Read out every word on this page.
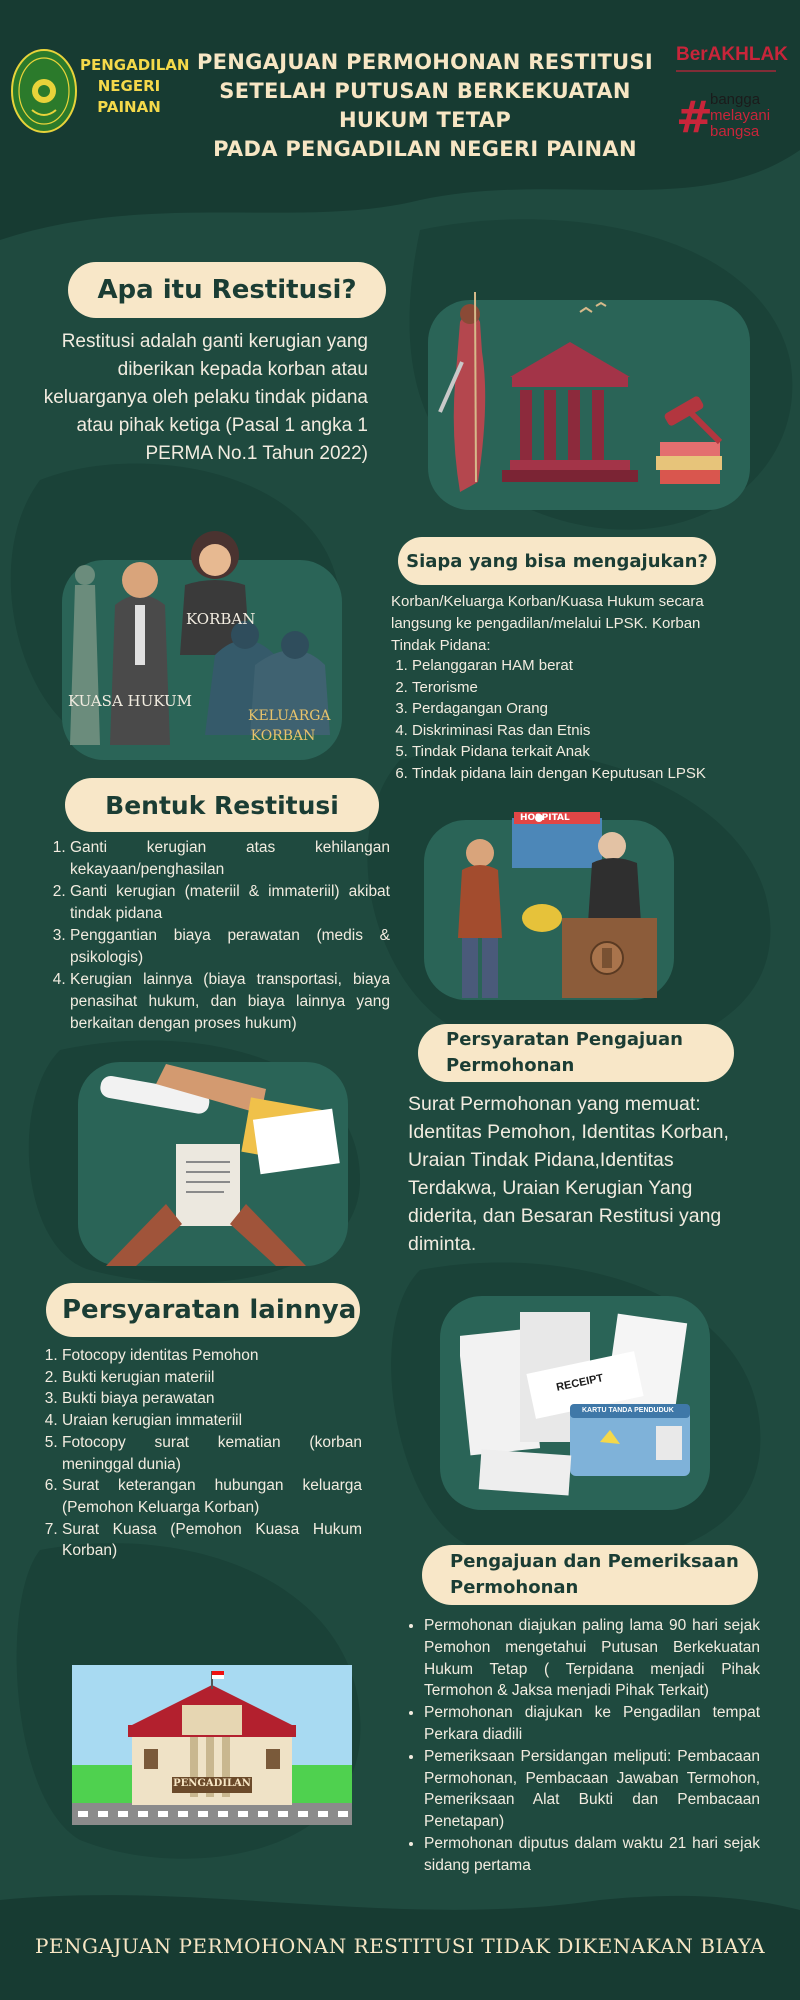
PENGADILAN NEGERI PAINAN
PENGAJUAN PERMOHONAN RESTITUSI
SETELAH PUTUSAN BERKEKUATAN
HUKUM TETAP
PADA PENGADILAN NEGERI PAINAN
BerAKHLAK
#
bangga
melayani
bangsa
Apa itu Restitusi?
Restitusi adalah ganti kerugian yang diberikan kepada korban atau keluarganya oleh pelaku tindak pidana atau pihak ketiga (Pasal 1 angka 1 PERMA No.1 Tahun 2022)
KORBAN
KUASA HUKUM
KELUARGA KORBAN
Siapa yang bisa mengajukan?
Korban/Keluarga Korban/Kuasa Hukum secara langsung ke pengadilan/melalui LPSK. Korban Tindak Pidana:
1. Pelanggaran HAM berat
2. Terorisme
3. Perdagangan Orang
4. Diskriminasi Ras dan Etnis
5. Tindak Pidana terkait Anak
6. Tindak pidana lain dengan Keputusan LPSK
Bentuk Restitusi
1. Ganti kerugian atas kehilangan kekayaan/penghasilan
2. Ganti kerugian (materiil & immateriil) akibat tindak pidana
3. Penggantian biaya perawatan (medis & psikologis)
4. Kerugian lainnya (biaya transportasi, biaya penasihat hukum, dan biaya lainnya yang berkaitan dengan proses hukum)
HOSPITAL
Persyaratan Pengajuan Permohonan
Surat Permohonan yang memuat: Identitas Pemohon, Identitas Korban, Uraian Tindak Pidana,Identitas Terdakwa, Uraian Kerugian Yang diderita, dan Besaran Restitusi yang diminta.
Persyaratan lainnya
1. Fotocopy identitas Pemohon
2. Bukti kerugian materiil
3. Bukti biaya perawatan
4. Uraian kerugian immateriil
5. Fotocopy surat kematian (korban meninggal dunia)
6. Surat keterangan hubungan keluarga (Pemohon Keluarga Korban)
7. Surat Kuasa (Pemohon Kuasa Hukum Korban)
RECEIPT
KARTU TANDA PENDUDUK
Pengajuan dan Pemeriksaan Permohonan
• Permohonan diajukan paling lama 90 hari sejak Pemohon mengetahui Putusan Berkekuatan Hukum Tetap ( Terpidana menjadi Pihak Termohon & Jaksa menjadi Pihak Terkait)
• Permohonan diajukan ke Pengadilan tempat Perkara diadili
• Pemeriksaan Persidangan meliputi: Pembacaan Permohonan, Pembacaan Jawaban Termohon, Pemeriksaan Alat Bukti dan Pembacaan Penetapan)
• Permohonan diputus dalam waktu 21 hari sejak sidang pertama
PENGADILAN
PENGAJUAN PERMOHONAN RESTITUSI TIDAK DIKENAKAN BIAYA
